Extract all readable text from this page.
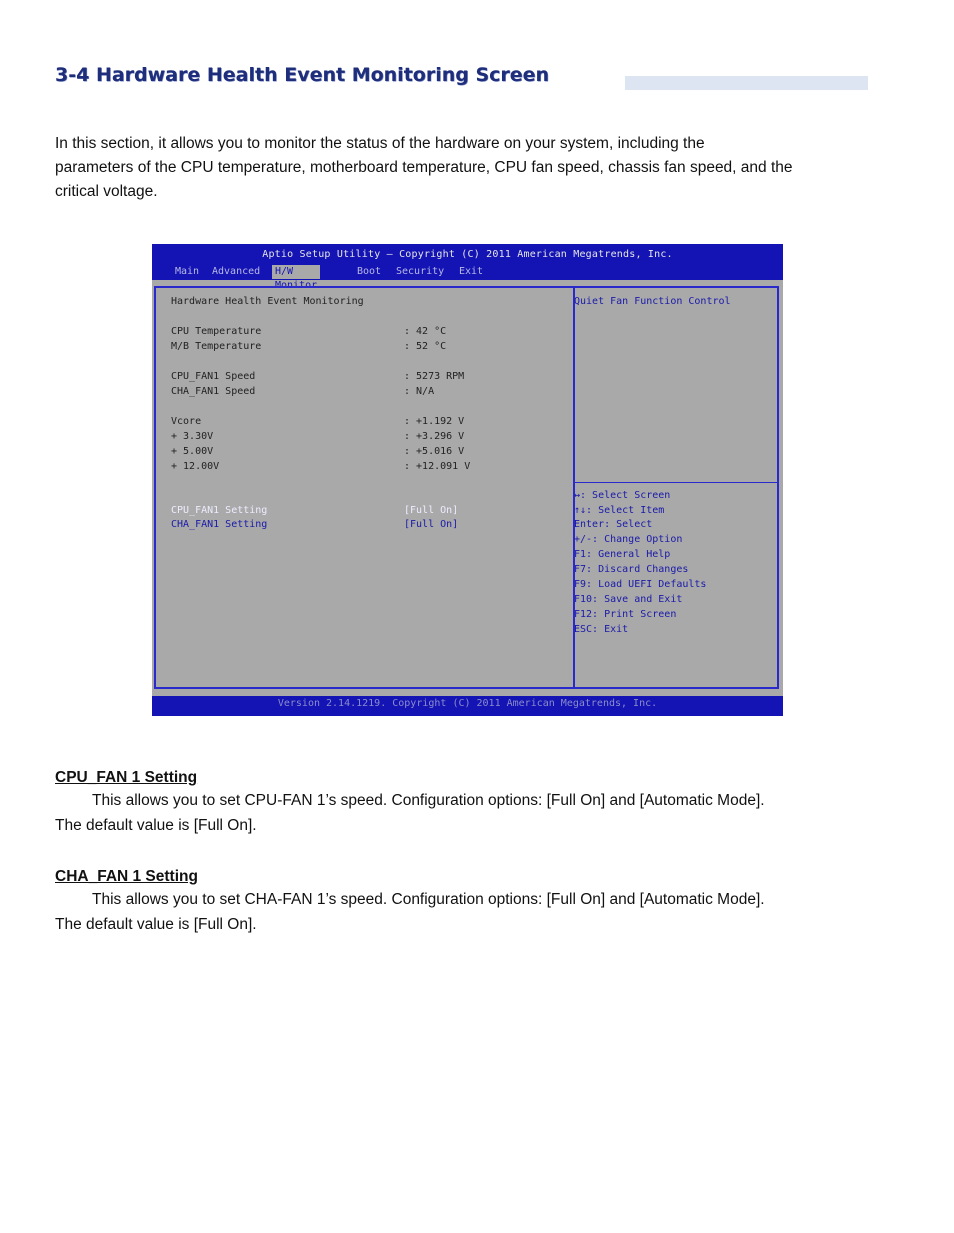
3-4 Hardware Health Event Monitoring Screen
In this section, it allows you to monitor the status of the hardware on your system, including the
parameters of the CPU temperature, motherboard temperature, CPU fan speed, chassis fan speed, and the
critical voltage.
Aptio Setup Utility – Copyright (C) 2011 American Megatrends, Inc.
Main	Advanced	H/W Monitor
Boot	Security	Exit
Hardware Health Event Monitoring
CPU Temperature	: 42 °C
M/B Temperature	: 52 °C
CPU_FAN1 Speed	: 5273 RPM
CHA_FAN1 Speed	: N/A
Vcore	: +1.192 V
+ 3.30V	: +3.296 V
+ 5.00V	: +5.016 V
+ 12.00V	: +12.091 V
CPU_FAN1 Setting	[Full On]
CHA_FAN1 Setting	[Full On]
Quiet Fan Function Control
↔: Select Screen
↑↓: Select Item
Enter: Select
+/-: Change Option
F1: General Help
F7: Discard Changes
F9: Load UEFI Defaults
F10: Save and Exit
F12: Print Screen
ESC: Exit
Version 2.14.1219. Copyright (C) 2011 American Megatrends, Inc.
CPU_FAN 1 Setting
This allows you to set CPU-FAN 1’s speed. Configuration options: [Full On] and [Automatic Mode].
The default value is [Full On].
CHA_FAN 1 Setting
This allows you to set CHA-FAN 1’s speed. Configuration options: [Full On] and [Automatic Mode].
The default value is [Full On].
